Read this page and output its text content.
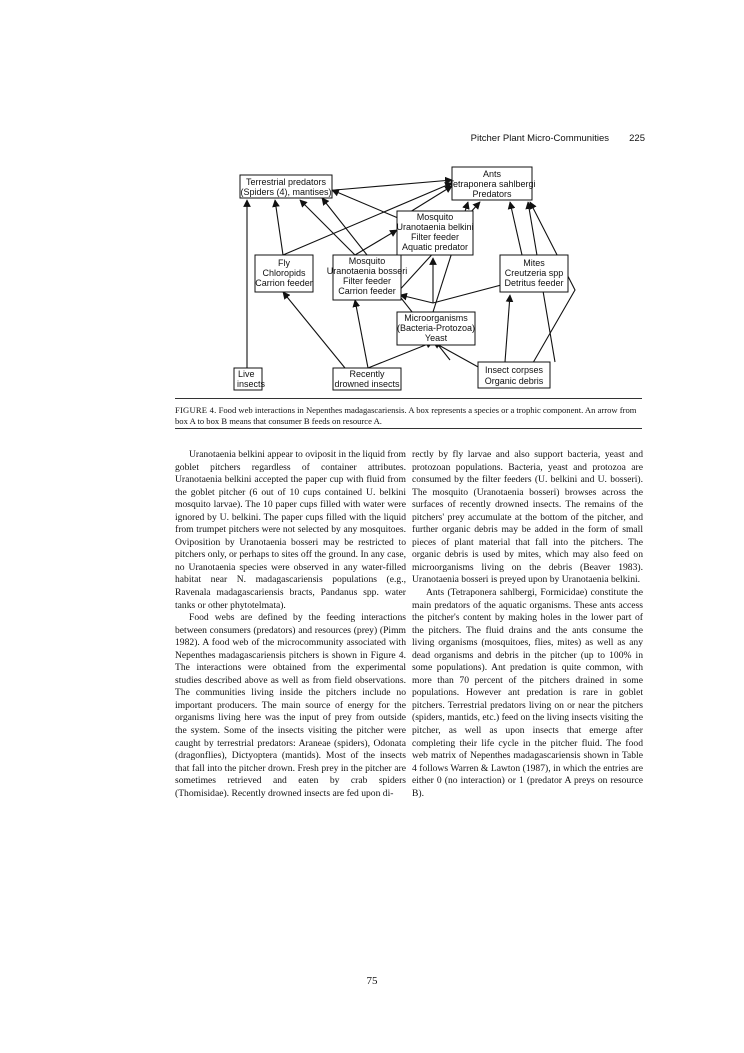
Pitcher Plant Micro-Communities 225
Ants
Tetraponera sahlbergi
Predators
Terrestrial predators
(Spiders (4), mantises)
Mosquito
Uranotaenia belkini
Filter feeder
Aquatic predator
Fly
Chloropids
Carrion feeder
Mosquito
Uranotaenia bosseri
Filter feeder
Carrion feeder
Mites
Creutzeria spp
Detritus feeder
Microorganisms
(Bacteria-Protozoa)
Yeast
Live
insects
Recently
drowned insects
Insect corpses
Organic debris
FIGURE 4. Food web interactions in Nepenthes madagascariensis. A box represents a species or a trophic component. An arrow from box A to box B means that consumer B feeds on resource A.

Uranotaenia belkini appear to oviposit in the liquid from goblet pitchers regardless of container attributes. Uranotaenia belkini accepted the paper cup with fluid from the goblet pitcher (6 out of 10 cups contained U. belkini mosquito larvae). The 10 paper cups filled with water were ignored by U. belkini. The paper cups filled with the liquid from trumpet pitchers were not selected by any mosquitoes. Oviposition by Uranotaenia bosseri may be restricted to pitchers only, or perhaps to sites off the ground. In any case, no Uranotaenia species were observed in any water-filled habitat near N. madagascariensis populations (e.g., Ravenala madagascariensis bracts, Pandanus spp. water tanks or other phytotelmata).

Food webs are defined by the feeding interactions between consumers (predators) and resources (prey) (Pimm 1982). A food web of the microcommunity associated with Nepenthes madagascariensis pitchers is shown in Figure 4. The interactions were obtained from the experimental studies described above as well as from field observations. The communities living inside the pitchers include no important producers. The main source of energy for the organisms living here was the input of prey from outside the system. Some of the insects visiting the pitcher were caught by terrestrial predators: Araneae (spiders), Odonata (dragonflies), Dictyoptera (mantids). Most of the insects that fall into the pitcher drown. Fresh prey in the pitcher are sometimes retrieved and eaten by crab spiders (Thomisidae). Recently drowned insects are fed upon di-

rectly by fly larvae and also support bacteria, yeast and protozoan populations. Bacteria, yeast and protozoa are consumed by the filter feeders (U. belkini and U. bosseri). The mosquito (Uranotaenia bosseri) browses across the surfaces of recently drowned insects. The remains of the pitchers' prey accumulate at the bottom of the pitcher, and further organic debris may be added in the form of small pieces of plant material that fall into the pitchers. The organic debris is used by mites, which may also feed on microorganisms living on the debris (Beaver 1983). Uranotaenia bosseri is preyed upon by Uranotaenia belkini.

Ants (Tetraponera sahlbergi, Formicidae) constitute the main predators of the aquatic organisms. These ants access the pitcher's content by making holes in the lower part of the pitchers. The fluid drains and the ants consume the living organisms (mosquitoes, flies, mites) as well as any dead organisms and debris in the pitcher (up to 100% in some populations). Ant predation is quite common, with more than 70 percent of the pitchers drained in some populations. However ant predation is rare in goblet pitchers. Terrestrial predators living on or near the pitchers (spiders, mantids, etc.) feed on the living insects visiting the pitcher, as well as upon insects that emerge after completing their life cycle in the pitcher fluid. The food web matrix of Nepenthes madagascariensis shown in Table 4 follows Warren & Lawton (1987), in which the entries are either 0 (no interaction) or 1 (predator A preys on resource B).

75
